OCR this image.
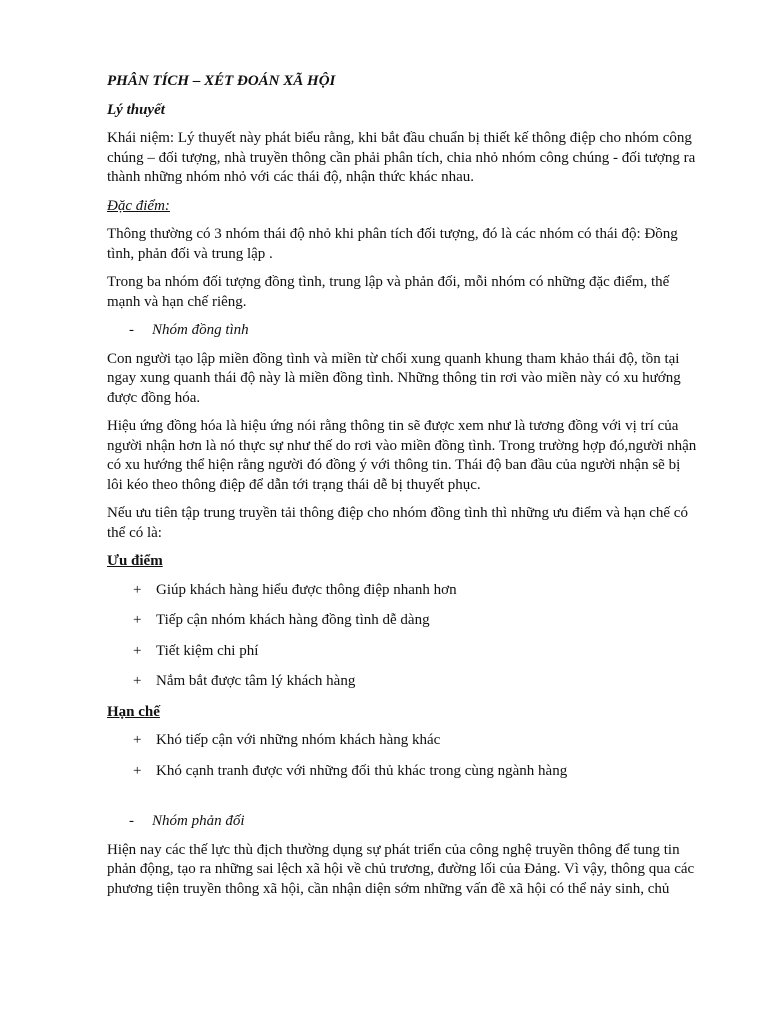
PHÂN TÍCH – XÉT ĐOÁN XÃ HỘI

Lý thuyết

Khái niệm: Lý thuyết này phát biểu rằng, khi bắt đầu chuẩn bị thiết kế thông điệp cho nhóm công chúng – đối tượng, nhà truyền thông cần phải phân tích, chia nhỏ nhóm công chúng - đối tượng ra thành những nhóm nhỏ với các thái độ, nhận thức khác nhau.

Đặc điểm:

Thông thường có 3 nhóm thái độ nhỏ khi phân tích đối tượng, đó là các nhóm có thái độ: Đồng tình, phản đối và trung lập .

Trong ba nhóm đối tượng đồng tình, trung lập và phản đối, mỗi nhóm có những đặc điểm, thế mạnh và hạn chế riêng.

- Nhóm đồng tình

Con người tạo lập miền đồng tình và miền từ chối xung quanh khung tham khảo thái độ, tồn tại ngay xung quanh thái độ này là miền đồng tình. Những thông tin rơi vào miền này có xu hướng được đồng hóa.

Hiệu ứng đồng hóa là hiệu ứng nói rằng thông tin sẽ được xem như là tương đồng với vị trí của người nhận hơn là nó thực sự như thế do rơi vào miền đồng tình. Trong trường hợp đó,người nhận có xu hướng thể hiện rằng người đó đồng ý với thông tin. Thái độ ban đầu của người nhận sẽ bị lôi kéo theo thông điệp để dẫn tới trạng thái dễ bị thuyết phục.

Nếu ưu tiên tập trung truyền tải thông điệp cho nhóm đồng tình thì những ưu điểm và hạn chế có thể có là:

Ưu điểm

+ Giúp khách hàng hiểu được thông điệp nhanh hơn
+ Tiếp cận nhóm khách hàng đồng tình dễ dàng
+ Tiết kiệm chi phí
+ Nắm bắt được tâm lý khách hàng

Hạn chế

+ Khó tiếp cận với những nhóm khách hàng khác
+ Khó cạnh tranh được với những đối thủ khác trong cùng ngành hàng
- Nhóm phản đối

Hiện nay các thế lực thù địch thường dụng sự phát triển của công nghệ truyền thông để tung tin phản động, tạo ra những sai lệch xã hội về chủ trương, đường lối của Đảng. Vì vậy, thông qua các phương tiện truyền thông xã hội, cần nhận diện sớm những vấn đề xã hội có thể nảy sinh, chủ
